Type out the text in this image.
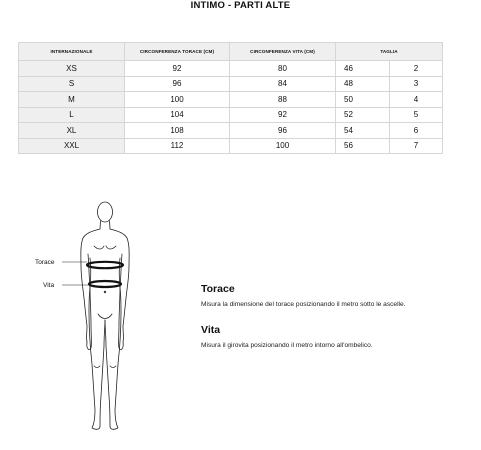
INTIMO - PARTI ALTE
INTERNAZIONALE	CIRCONFERENZA TORACE (CM)	CIRCONFERENZA VITA (CM)	TAGLIA	
XS	92	80	46	2
S	96	84	48	3
M	100	88	50	4
L	104	92	52	5
XL	108	96	54	6
XXL	112	100	56	7
Torace
Vita	Torace
Misura la dimensione del torace posizionando il metro sotto le ascelle.
Vita
Misura il girovita posizionando il metro intorno all'ombelico.
